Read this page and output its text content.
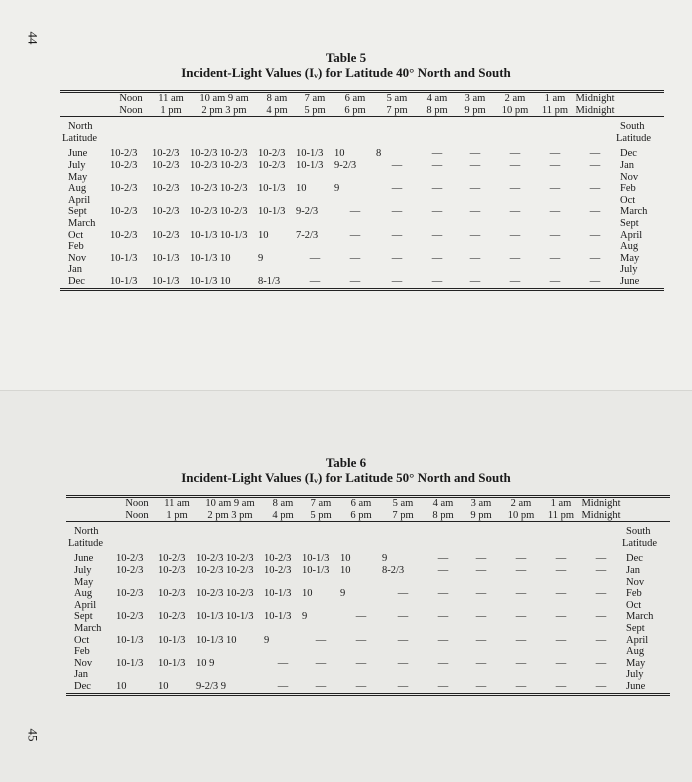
44
Table 5
Incident-Light Values (Iᵥ) for Latitude 40° North and South
	Noon	11 am	10 am 9 am	8 am	7 am	6 am	5 am	4 am	3 am	2 am	1 am	Midnight	
	Noon	1 pm	2 pm 3 pm	4 pm	5 pm	6 pm	7 pm	8 pm	9 pm	10 pm	11 pm	Midnight	
North													South
Latitude													Latitude

June	10-2/3	10-2/3	10-2/3 10-2/3	10-2/3	10-1/3	10	8	—	—	—	—	—	Dec
July	10-2/3	10-2/3	10-2/3 10-2/3	10-2/3	10-1/3	9-2/3	—	—	—	—	—	—	Jan
May													Nov
Aug	10-2/3	10-2/3	10-2/3 10-2/3	10-1/3	10	9	—	—	—	—	—	—	Feb
April													Oct
Sept	10-2/3	10-2/3	10-2/3 10-2/3	10-1/3	9-2/3	—	—	—	—	—	—	—	March
March													Sept
Oct	10-2/3	10-2/3	10-1/3 10-1/3	10	7-2/3	—	—	—	—	—	—	—	April
Feb													Aug
Nov	10-1/3	10-1/3	10-1/3 10	9	—	—	—	—	—	—	—	—	May
Jan													July
Dec	10-1/3	10-1/3	10-1/3 10	8-1/3	—	—	—	—	—	—	—	—	June
45
Table 6
Incident-Light Values (Iᵥ) for Latitude 50° North and South
	Noon	11 am	10 am 9 am	8 am	7 am	6 am	5 am	4 am	3 am	2 am	1 am	Midnight	
	Noon	1 pm	2 pm 3 pm	4 pm	5 pm	6 pm	7 pm	8 pm	9 pm	10 pm	11 pm	Midnight	
North													South
Latitude													Latitude

June	10-2/3	10-2/3	10-2/3 10-2/3	10-2/3	10-1/3	10	9	—	—	—	—	—	Dec
July	10-2/3	10-2/3	10-2/3 10-2/3	10-2/3	10-1/3	10	8-2/3	—	—	—	—	—	Jan
May													Nov
Aug	10-2/3	10-2/3	10-2/3 10-2/3	10-1/3	10	9	—	—	—	—	—	—	Feb
April													Oct
Sept	10-2/3	10-2/3	10-1/3 10-1/3	10-1/3	9	—	—	—	—	—	—	—	March
March													Sept
Oct	10-1/3	10-1/3	10-1/3 10	9	—	—	—	—	—	—	—	—	April
Feb													Aug
Nov	10-1/3	10-1/3	10 9	—	—	—	—	—	—	—	—	—	May
Jan													July
Dec	10	10	9-2/3 9	—	—	—	—	—	—	—	—	—	June
